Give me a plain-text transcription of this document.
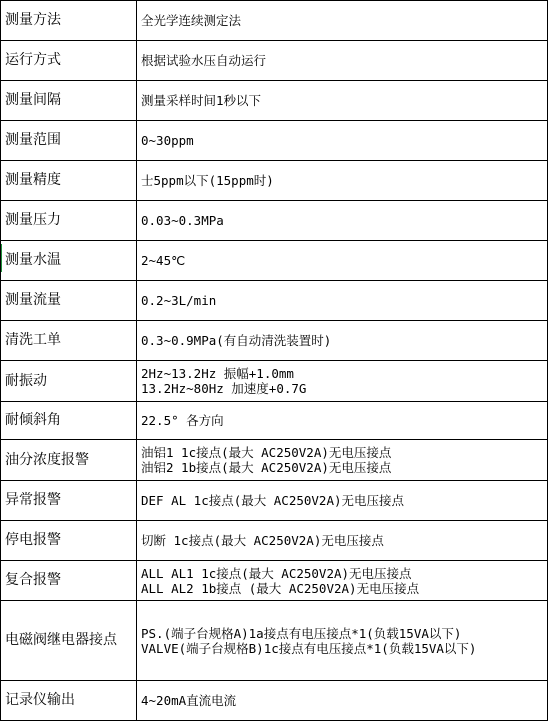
测量方法	全光学连续测定法

运行方式	根据试验水压自动运行

测量间隔	测量采样时间1秒以下

测量范围	0~30ppm

测量精度	士5ppm以下(15ppm时)

测量压力	0.03~0.3MPa

测量水温	2~45℃

测量流量	0.2~3L/min

清洗工单	0.3~0.9MPa(有自动清洗装置时)

耐振动	2Hz~13.2Hz 振幅+1.0mm
13.2Hz~80Hz 加速度+0.7G

耐倾斜角	22.5° 各方向

油分浓度报警	油铝1 1c接点(最大 AC250V2A)无电压接点
油铝2 1b接点(最大 AC250V2A)无电压接点

异常报警	DEF AL 1c接点(最大 AC250V2A)无电压接点

停电报警	切断 1c接点(最大 AC250V2A)无电压接点

复合报警	ALL AL1 1c接点(最大 AC250V2A)无电压接点
ALL AL2 1b接点 (最大 AC250V2A)无电压接点

电磁阀继电器接点	PS.(端子台规格A)1a接点有电压接点*1(负载15VA以下)
VALVE(端子台规格B)1c接点有电压接点*1(负载15VA以下)

记录仪输出	4~20mA直流电流
